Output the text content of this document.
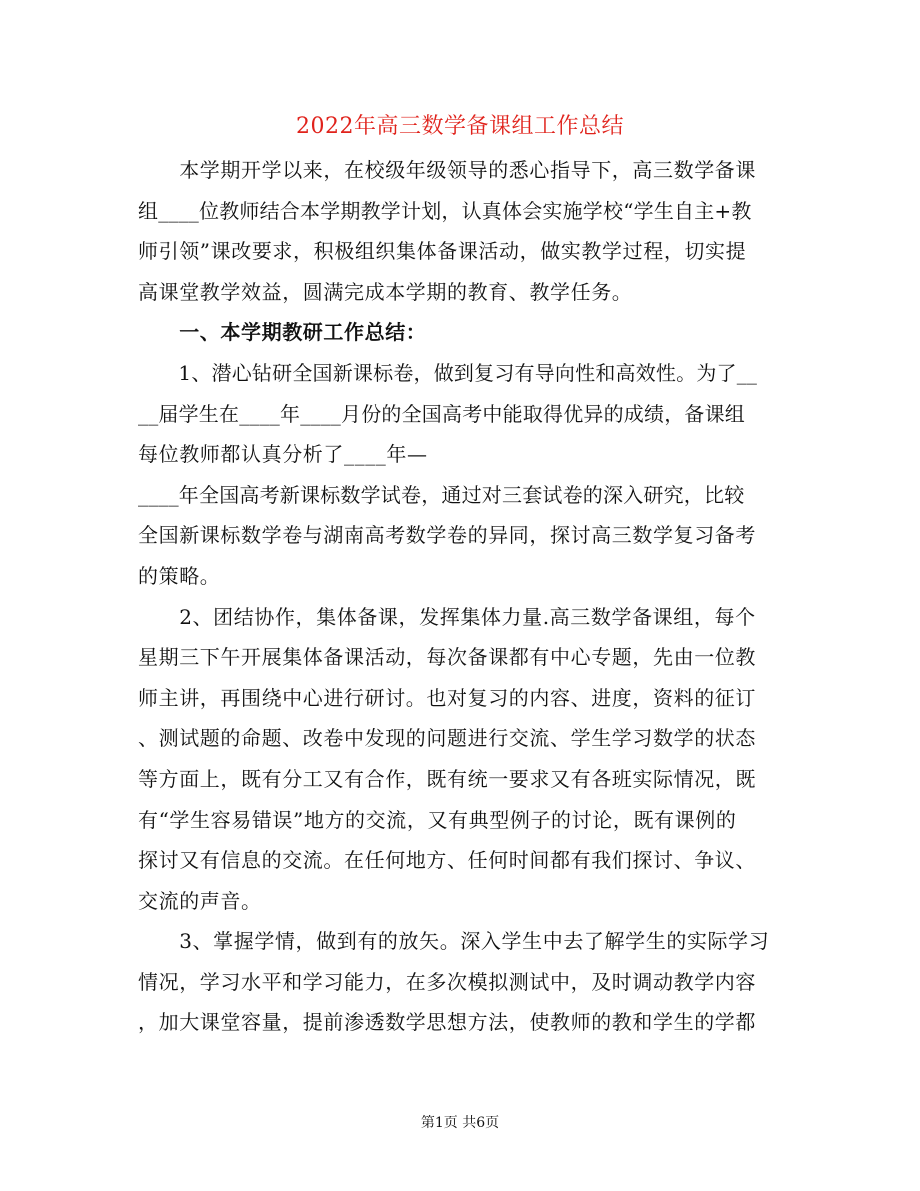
2022年高三数学备课组工作总结
　　本学期开学以来，在校级年级领导的悉心指导下，高三数学备课
组____位教师结合本学期教学计划，认真体会实施学校“学生自主+教
师引领”课改要求，积极组织集体备课活动，做实教学过程，切实提
高课堂教学效益，圆满完成本学期的教育、教学任务。
　　一、本学期教研工作总结：
　　1、潜心钻研全国新课标卷，做到复习有导向性和高效性。为了__
__届学生在____年____月份的全国高考中能取得优异的成绩，备课组
每位教师都认真分析了____年—
____年全国高考新课标数学试卷，通过对三套试卷的深入研究，比较
全国新课标数学卷与湖南高考数学卷的异同，探讨高三数学复习备考
的策略。
　　2、团结协作，集体备课，发挥集体力量.高三数学备课组，每个
星期三下午开展集体备课活动，每次备课都有中心专题，先由一位教
师主讲，再围绕中心进行研讨。也对复习的内容、进度，资料的征订
、测试题的命题、改卷中发现的问题进行交流、学生学习数学的状态
等方面上，既有分工又有合作，既有统一要求又有各班实际情况，既
有“学生容易错误”地方的交流，又有典型例子的讨论，既有课例的
探讨又有信息的交流。在任何地方、任何时间都有我们探讨、争议、
交流的声音。
　　3、掌握学情，做到有的放矢。深入学生中去了解学生的实际学习
情况，学习水平和学习能力，在多次模拟测试中，及时调动教学内容
，加大课堂容量，提前渗透数学思想方法，使教师的教和学生的学都
第1页 共6页
